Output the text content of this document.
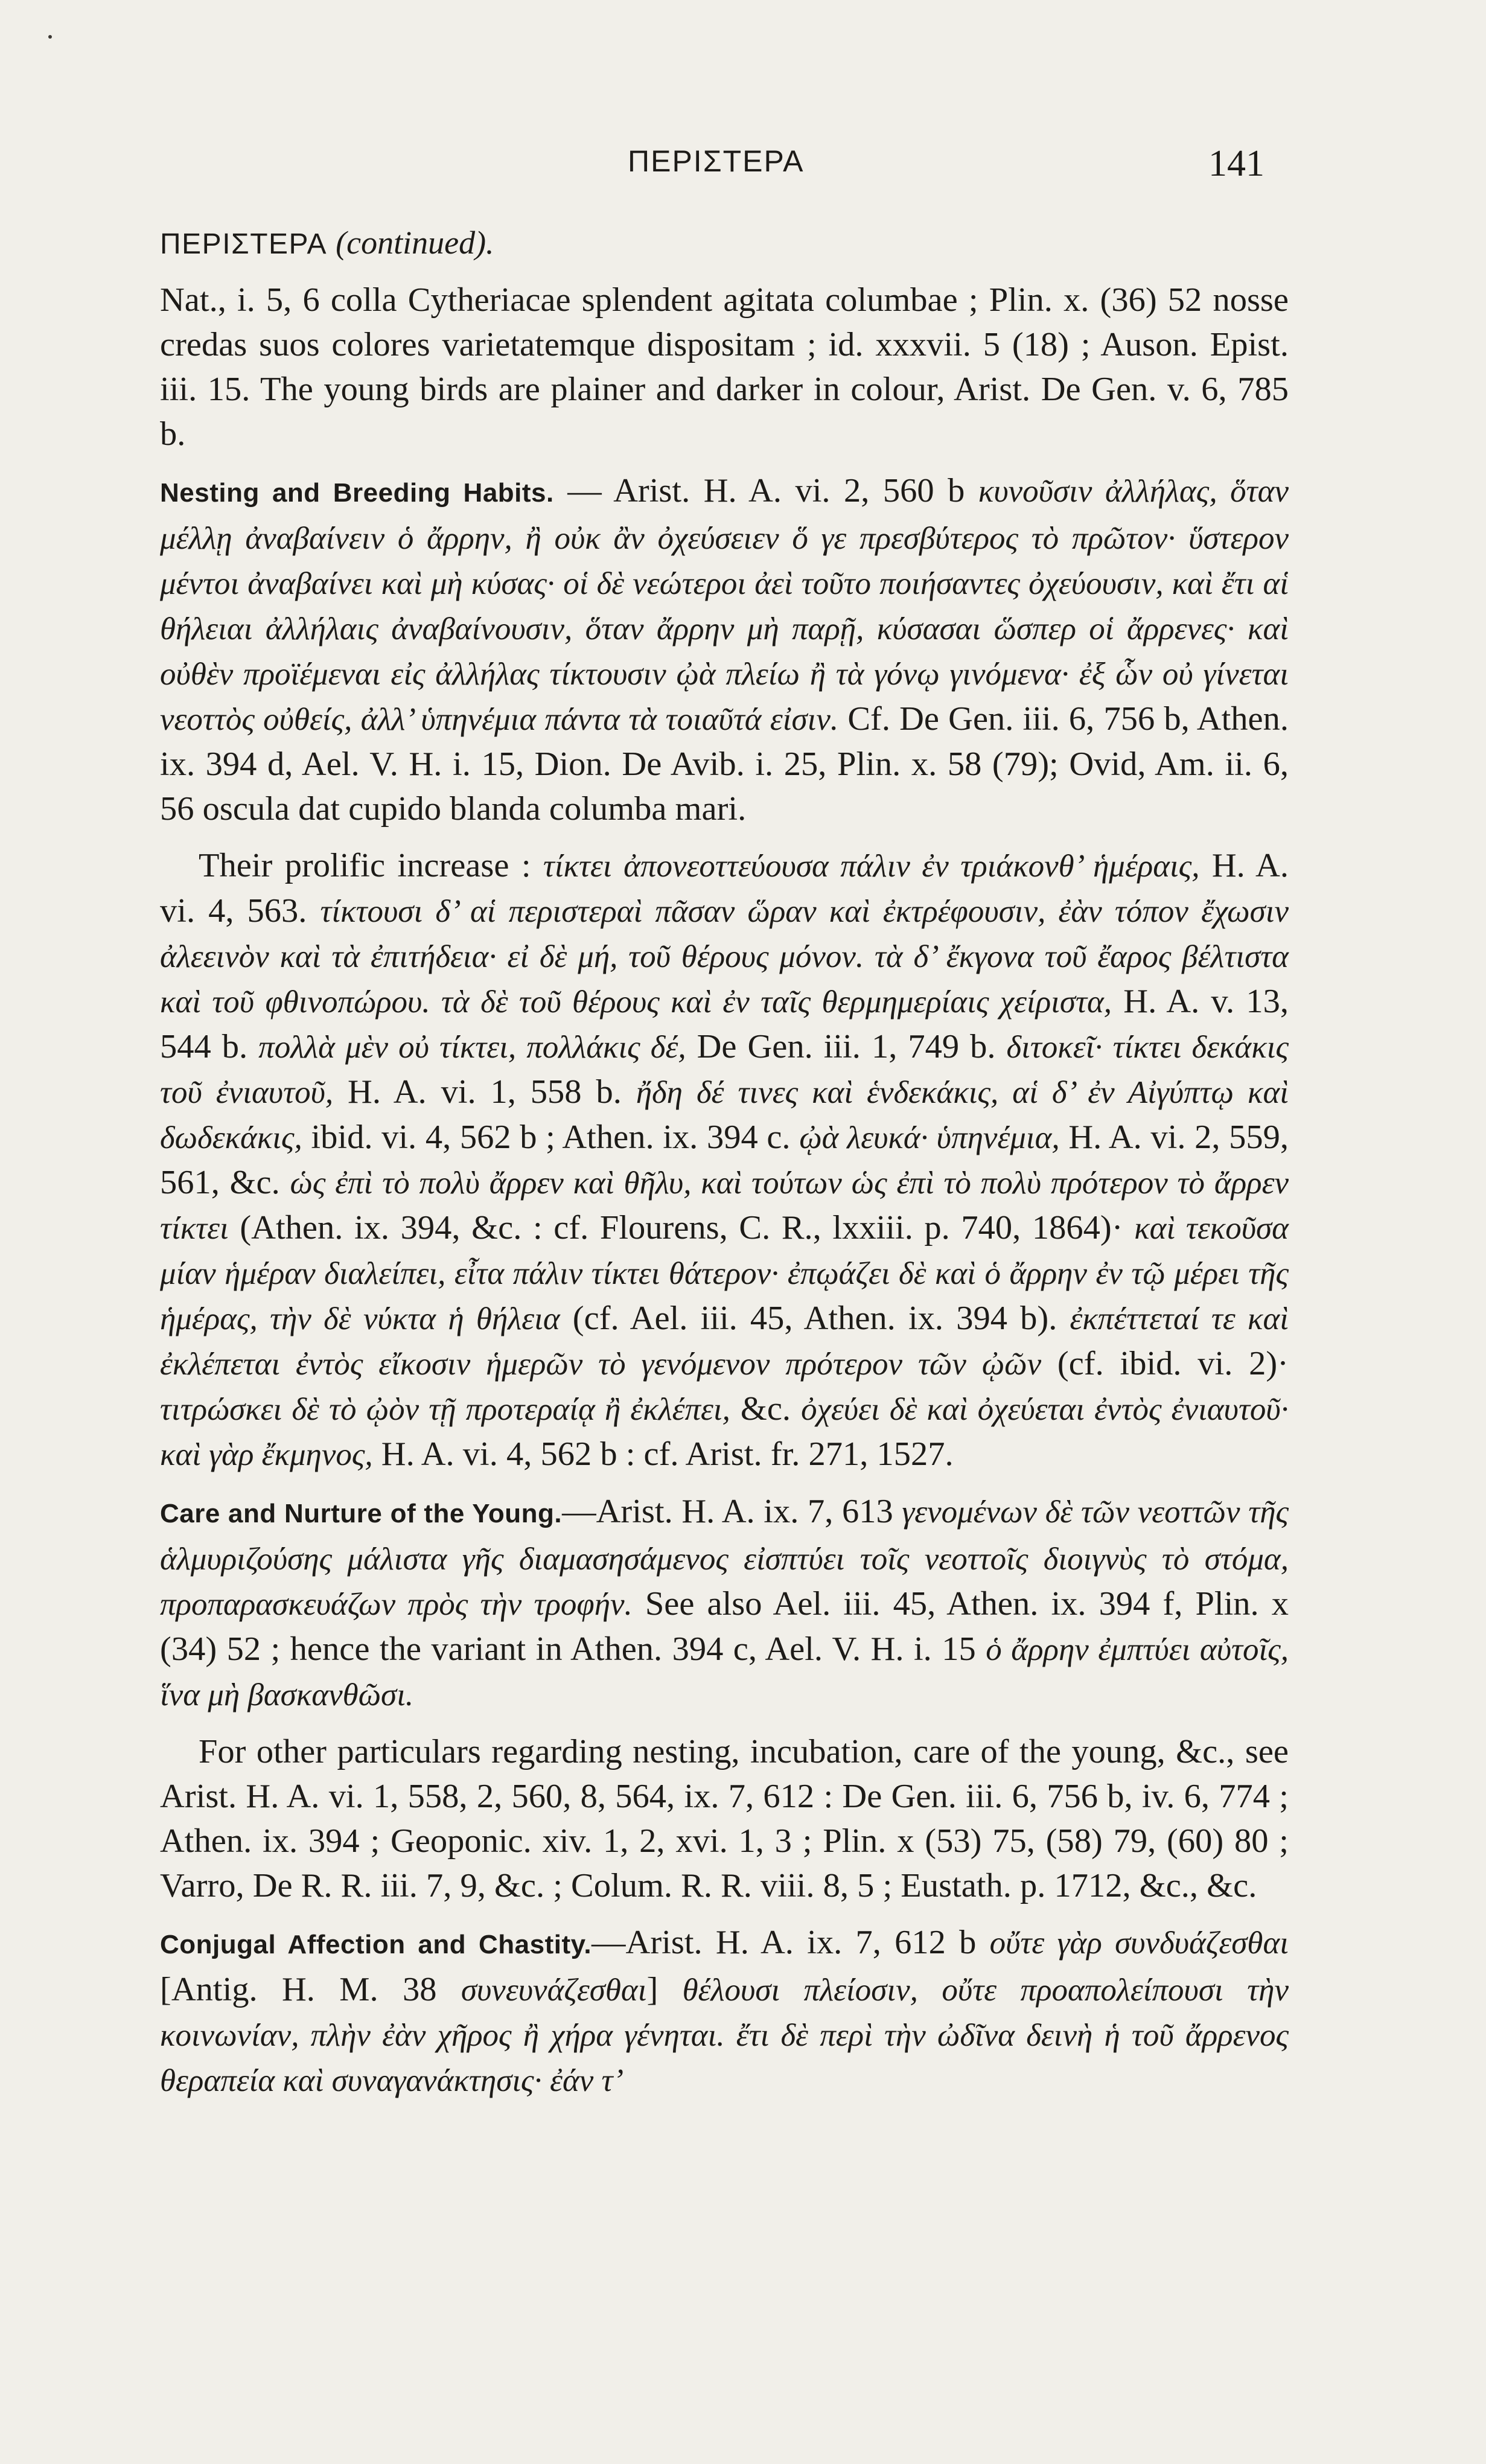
ΠΕΡΙΣΤΕΡΑ	141
ΠΕΡΙΣΤΕΡΑ (continued).

Nat., i. 5, 6 colla Cytheriacae splendent agitata columbae ; Plin. x. (36) 52 nosse credas suos colores varietatemque dispositam ; id. xxxvii. 5 (18) ; Auson. Epist. iii. 15. The young birds are plainer and darker in colour, Arist. De Gen. v. 6, 785 b.

Nesting and Breeding Habits. — Arist. H. A. vi. 2, 560 b κυνοῦσιν ἀλλήλας, ὅταν μέλλῃ ἀναβαίνειν ὁ ἄρρην, ἢ οὐκ ἂν ὀχεύσειεν ὅ γε πρεσβύτερος τὸ πρῶτον· ὕστερον μέντοι ἀναβαίνει καὶ μὴ κύσας· οἱ δὲ νεώτεροι ἀεὶ τοῦτο ποιήσαντες ὀχεύουσιν, καὶ ἔτι αἱ θήλειαι ἀλλήλαις ἀναβαίνουσιν, ὅταν ἄρρην μὴ παρῇ, κύσασαι ὥσπερ οἱ ἄρρενες· καὶ οὐθὲν προϊέμεναι εἰς ἀλλήλας τίκτουσιν ᾠὰ πλείω ἢ τὰ γόνῳ γινόμενα· ἐξ ὧν οὐ γίνεται νεοττὸς οὐθείς, ἀλλ’ ὑπηνέμια πάντα τὰ τοιαῦτά εἰσιν. Cf. De Gen. iii. 6, 756 b, Athen. ix. 394 d, Ael. V. H. i. 15, Dion. De Avib. i. 25, Plin. x. 58 (79); Ovid, Am. ii. 6, 56 oscula dat cupido blanda columba mari.

Their prolific increase : τίκτει ἀπονεοττεύουσα πάλιν ἐν τριάκονθ’ ἡμέραις, H. A. vi. 4, 563. τίκτουσι δ’ αἱ περιστεραὶ πᾶσαν ὥραν καὶ ἐκτρέφουσιν, ἐὰν τόπον ἔχωσιν ἀλεεινὸν καὶ τὰ ἐπιτήδεια· εἰ δὲ μή, τοῦ θέρους μόνον. τὰ δ’ ἔκγονα τοῦ ἔαρος βέλτιστα καὶ τοῦ φθινοπώρου. τὰ δὲ τοῦ θέρους καὶ ἐν ταῖς θερμημερίαις χείριστα, H. A. v. 13, 544 b. πολλὰ μὲν οὐ τίκτει, πολλάκις δέ, De Gen. iii. 1, 749 b. διτοκεῖ· τίκτει δεκάκις τοῦ ἐνιαυτοῦ, H. A. vi. 1, 558 b. ἤδη δέ τινες καὶ ἑνδεκάκις, αἱ δ’ ἐν Αἰγύπτῳ καὶ δωδεκάκις, ibid. vi. 4, 562 b ; Athen. ix. 394 c. ᾠὰ λευκά· ὑπηνέμια, H. A. vi. 2, 559, 561, &c. ὡς ἐπὶ τὸ πολὺ ἄρρεν καὶ θῆλυ, καὶ τούτων ὡς ἐπὶ τὸ πολὺ πρότερον τὸ ἄρρεν τίκτει (Athen. ix. 394, &c. : cf. Flourens, C. R., lxxiii. p. 740, 1864)· καὶ τεκοῦσα μίαν ἡμέραν διαλείπει, εἶτα πάλιν τίκτει θάτερον· ἐπῳάζει δὲ καὶ ὁ ἄρρην ἐν τῷ μέρει τῆς ἡμέρας, τὴν δὲ νύκτα ἡ θήλεια (cf. Ael. iii. 45, Athen. ix. 394 b). ἐκπέττεταί τε καὶ ἐκλέπεται ἐντὸς εἴκοσιν ἡμερῶν τὸ γενόμενον πρότερον τῶν ᾠῶν (cf. ibid. vi. 2)· τιτρώσκει δὲ τὸ ᾠὸν τῇ προτεραίᾳ ἢ ἐκλέπει, &c. ὀχεύει δὲ καὶ ὀχεύεται ἐντὸς ἐνιαυτοῦ· καὶ γὰρ ἔκμηνος, H. A. vi. 4, 562 b : cf. Arist. fr. 271, 1527.

Care and Nurture of the Young.—Arist. H. A. ix. 7, 613 γενομένων δὲ τῶν νεοττῶν τῆς ἁλμυριζούσης μάλιστα γῆς διαμασησάμενος εἰσπτύει τοῖς νεοττοῖς διοιγνὺς τὸ στόμα, προπαρασκευάζων πρὸς τὴν τροφήν. See also Ael. iii. 45, Athen. ix. 394 f, Plin. x (34) 52 ; hence the variant in Athen. 394 c, Ael. V. H. i. 15 ὁ ἄρρην ἐμπτύει αὐτοῖς, ἵνα μὴ βασκανθῶσι.

For other particulars regarding nesting, incubation, care of the young, &c., see Arist. H. A. vi. 1, 558, 2, 560, 8, 564, ix. 7, 612 : De Gen. iii. 6, 756 b, iv. 6, 774 ; Athen. ix. 394 ; Geoponic. xiv. 1, 2, xvi. 1, 3 ; Plin. x (53) 75, (58) 79, (60) 80 ; Varro, De R. R. iii. 7, 9, &c. ; Colum. R. R. viii. 8, 5 ; Eustath. p. 1712, &c., &c.

Conjugal Affection and Chastity.—Arist. H. A. ix. 7, 612 b οὔτε γὰρ συνδυάζεσθαι [Antig. H. M. 38 συνευνάζεσθαι] θέλουσι πλείοσιν, οὔτε προαπολείπουσι τὴν κοινωνίαν, πλὴν ἐὰν χῆρος ἢ χήρα γένηται. ἔτι δὲ περὶ τὴν ὠδῖνα δεινὴ ἡ τοῦ ἄρρενος θεραπεία καὶ συναγανάκτησις· ἐάν τ’
